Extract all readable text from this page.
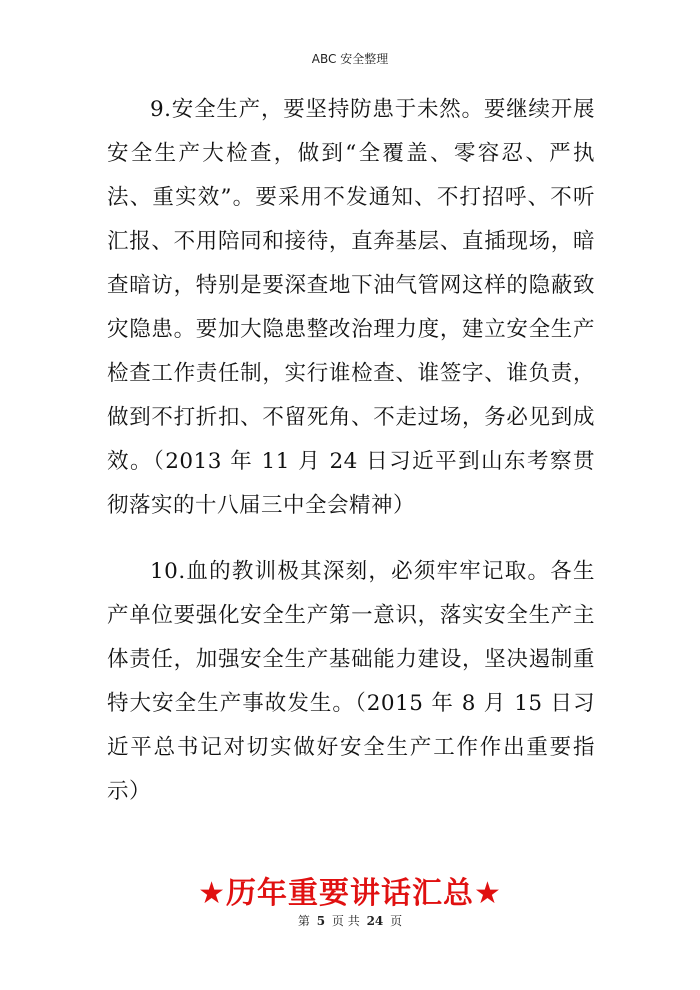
ABC 安全整理

9.安全生产，要坚持防患于未然。要继续开展安全生产大检查，做到“全覆盖、零容忍、严执法、重实效”。要采用不发通知、不打招呼、不听汇报、不用陪同和接待，直奔基层、直插现场，暗查暗访，特别是要深查地下油气管网这样的隐蔽致灾隐患。要加大隐患整改治理力度，建立安全生产检查工作责任制，实行谁检查、谁签字、谁负责，做到不打折扣、不留死角、不走过场，务必见到成效。（2013 年 11 月 24 日习近平到山东考察贯彻落实的十八届三中全会精神）

10.血的教训极其深刻，必须牢牢记取。各生产单位要强化安全生产第一意识，落实安全生产主体责任，加强安全生产基础能力建设，坚决遏制重特大安全生产事故发生。（2015 年 8 月 15 日习近平总书记对切实做好安全生产工作作出重要指示）

★历年重要讲话汇总★
第 5 页 共 24 页
